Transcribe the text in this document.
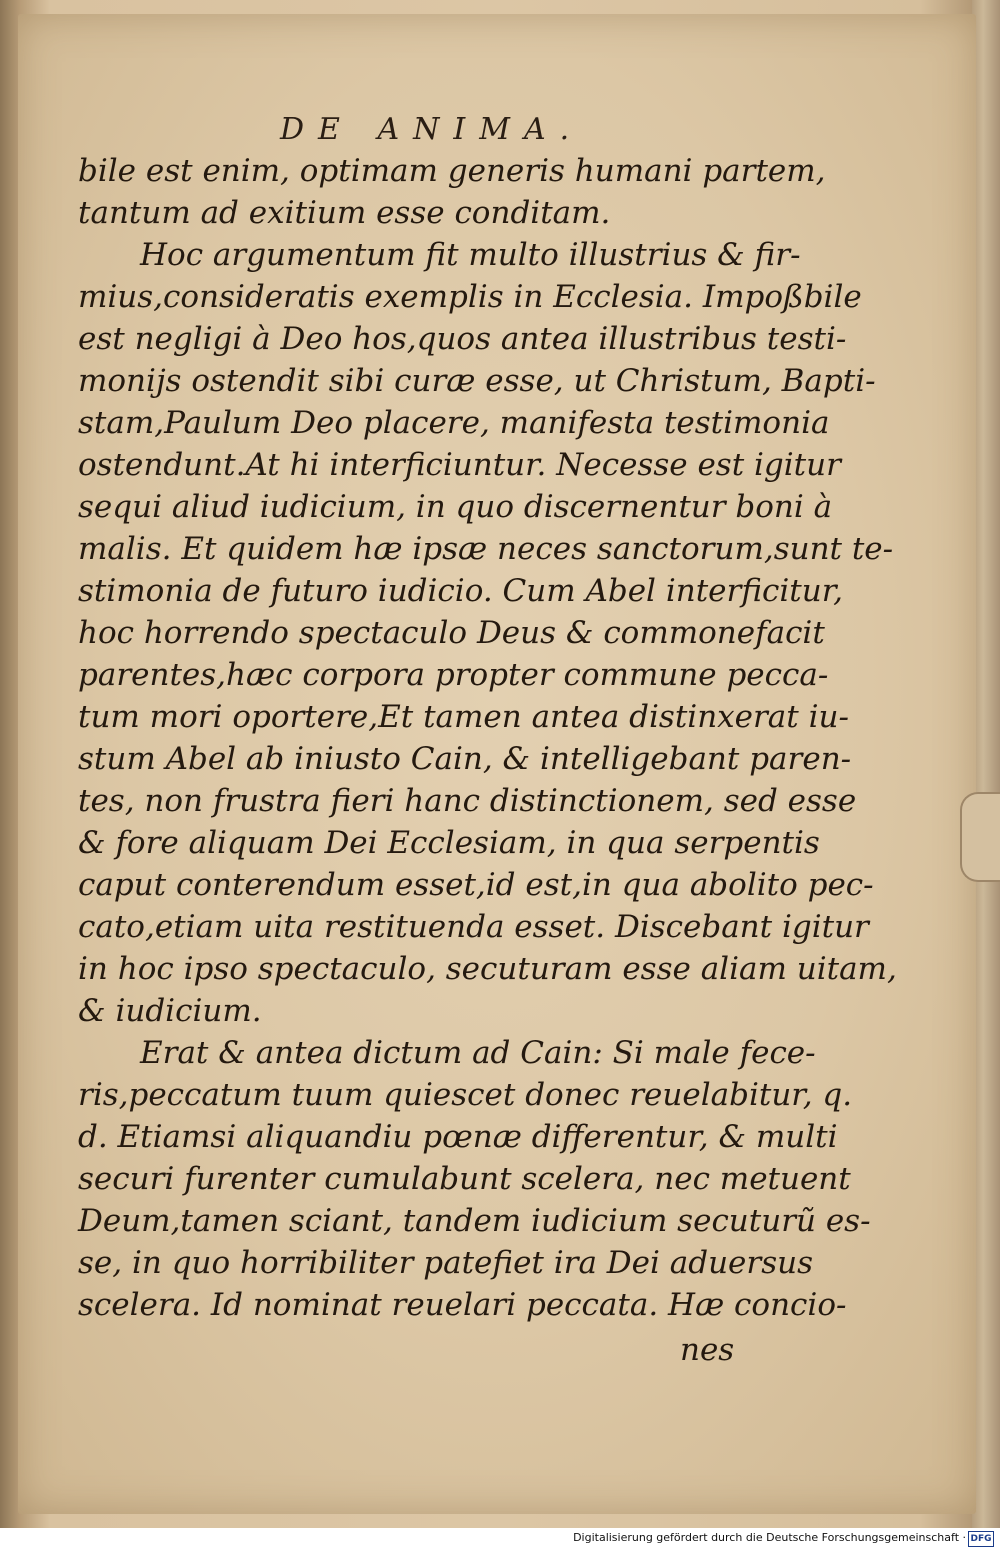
DE ANIMA.
bile est enim, optimam generis humani partem,
tantum ad exitium esse conditam.
Hoc argumentum fit multo illustrius & fir-
mius,consideratis exemplis in Ecclesia. Impoßbile
est negligi à Deo hos,quos antea illustribus testi-
monijs ostendit sibi curæ esse, ut Christum, Bapti-
stam,Paulum Deo placere, manifesta testimonia
ostendunt.At hi interficiuntur. Necesse est igitur
sequi aliud iudicium, in quo discernentur boni à
malis. Et quidem hæ ipsæ neces sanctorum,sunt te-
stimonia de futuro iudicio. Cum Abel interficitur,
hoc horrendo spectaculo Deus & commonefacit
parentes,hæc corpora propter commune pecca-
tum mori oportere,Et tamen antea distinxerat iu-
stum Abel ab iniusto Cain, & intelligebant paren-
tes, non frustra fieri hanc distinctionem, sed esse
& fore aliquam Dei Ecclesiam, in qua serpentis
caput conterendum esset,id est,in qua abolito pec-
cato,etiam uita restituenda esset. Discebant igitur
in hoc ipso spectaculo, secuturam esse aliam uitam,
& iudicium.
Erat & antea dictum ad Cain: Si male fece-
ris,peccatum tuum quiescet donec reuelabitur, q.
d. Etiamsi aliquandiu pœnæ differentur, & multi
securi furenter cumulabunt scelera, nec metuent
Deum,tamen sciant, tandem iudicium secuturũ es-
se, in quo horribiliter patefiet ira Dei aduersus
scelera. Id nominat reuelari peccata. Hæ concio-
nes
Digitalisierung gefördert durch die Deutsche Forschungsgemeinschaft · DFG
